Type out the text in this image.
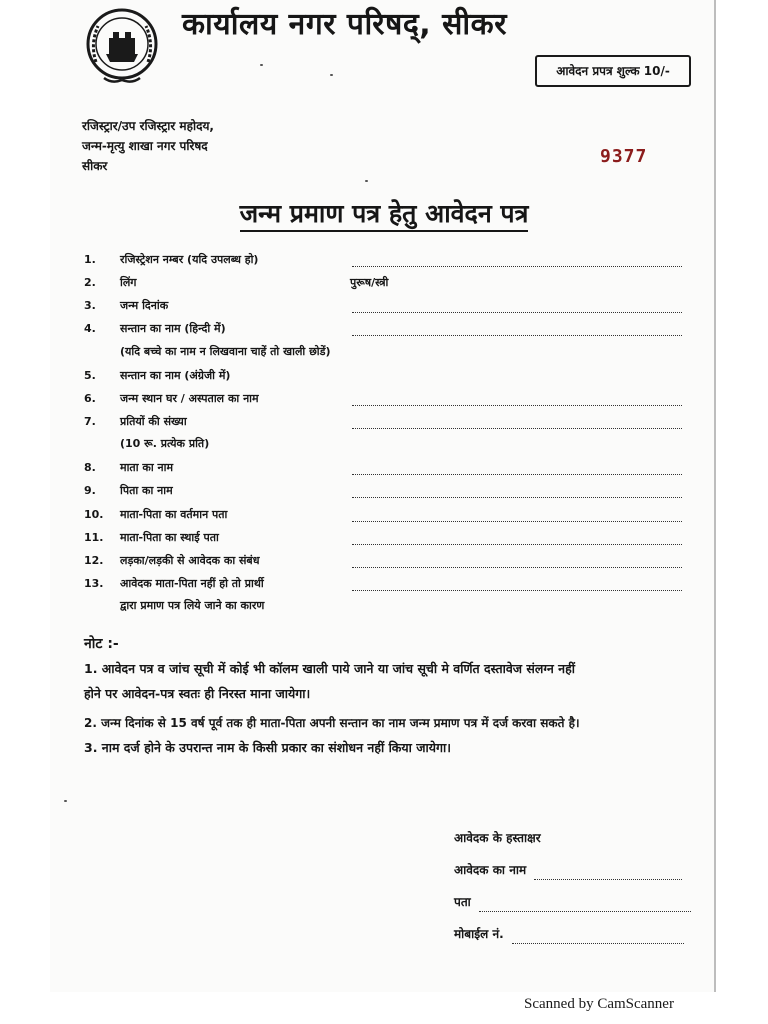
कार्यालय नगर परिषद्, सीकर
आवेदन प्रपत्र शुल्क 10/-
रजिस्ट्रार/उप रजिस्ट्रार महोदय,
जन्म-मृत्यु शाखा नगर परिषद
सीकर	9377
जन्म प्रमाण पत्र हेतु आवेदन पत्र
1.	रजिस्ट्रेशन नम्बर (यदि उपलब्ध हो)
2.	लिंग	पुरूष/स्त्री
3.	जन्म दिनांक
4.	सन्तान का नाम (हिन्दी में)
(यदि बच्चे का नाम न लिखवाना चाहें तो खाली छोडें)
5.	सन्तान का नाम (अंग्रेजी में)
6.	जन्म स्थान घर / अस्पताल का नाम
7.	प्रतियों की संख्या
(10 रू. प्रत्येक प्रति)
8.	माता का नाम
9.	पिता का नाम
10.	माता-पिता का वर्तमान पता
11.	माता-पिता का स्थाई पता
12.	लड़का/लड़की से आवेदक का संबंध
13.	आवेदक माता-पिता नहीं हो तो प्रार्थी
द्वारा प्रमाण पत्र लिये जाने का कारण
नोट :-
1. आवेदन पत्र व जांच सूची में कोई भी कॉलम खाली पाये जाने या जांच सूची मे वर्णित दस्तावेज संलग्न नहीं
होने पर आवेदन-पत्र स्वतः ही निरस्त माना जायेगा।
2. जन्म दिनांक से 15 वर्ष पूर्व तक ही माता-पिता अपनी सन्तान का नाम जन्म प्रमाण पत्र में दर्ज करवा सकते है।
3. नाम दर्ज होने के उपरान्त नाम के किसी प्रकार का संशोधन नहीं किया जायेगा।
आवेदक के हस्ताक्षर
आवेदक का नाम
पता
मोबाईल नं.
Scanned by CamScanner
